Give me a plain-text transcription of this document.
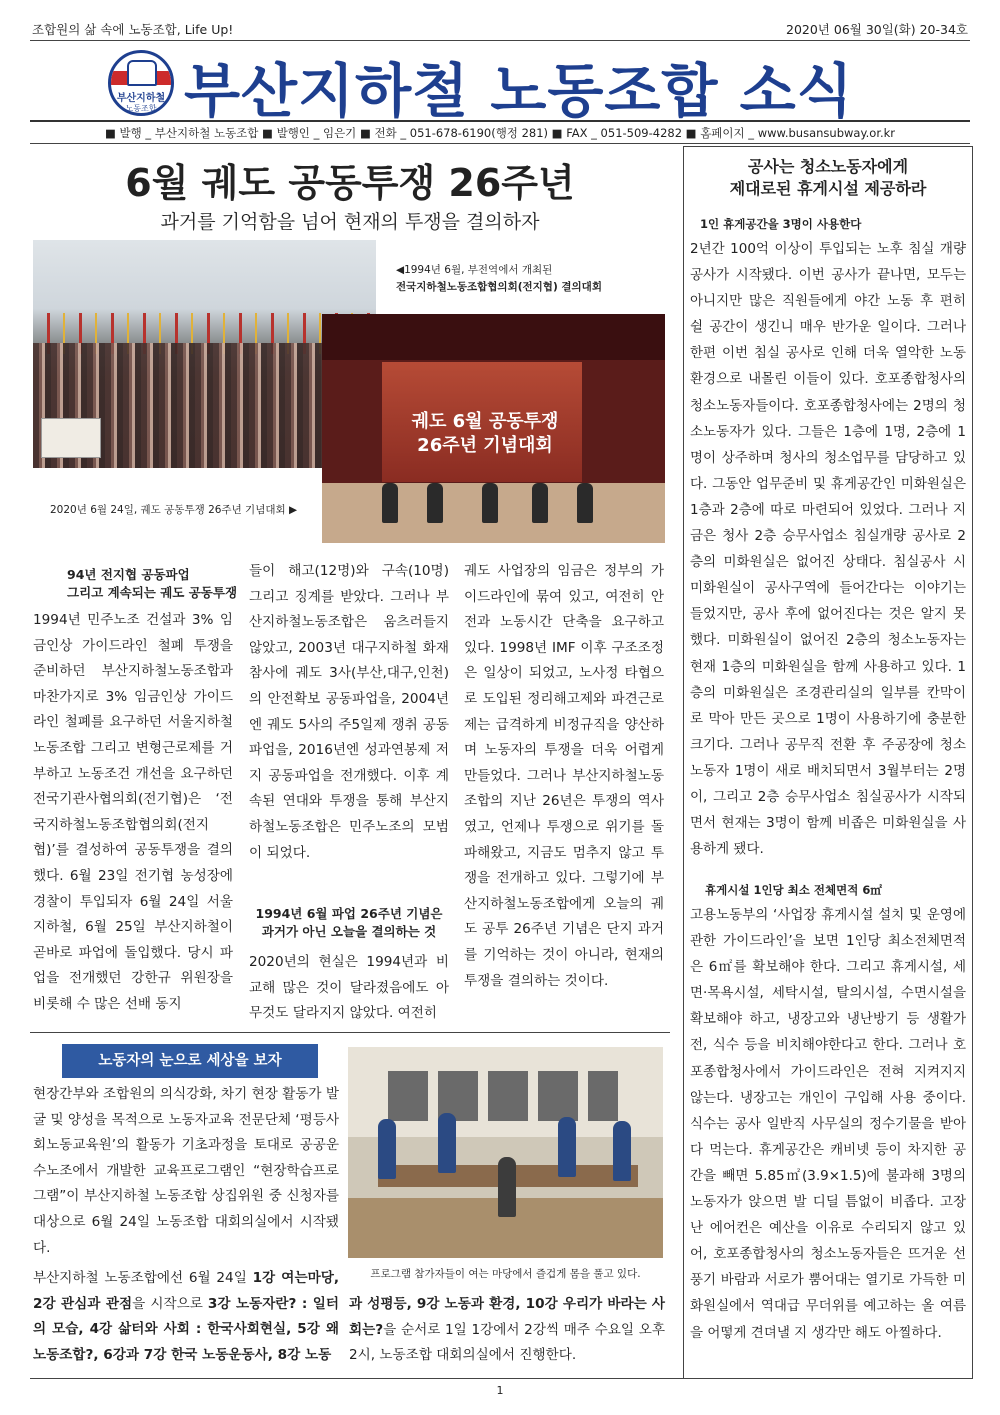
조합원의 삶 속에 노동조합, Life Up!	2020년 06월 30일(화) 20-34호
부산지하철
노동조합 부산지하철 노동조합 소식
■ 발행 _ 부산지하철 노동조합 ■ 발행인 _ 임은기 ■ 전화 _ 051-678-6190(행정 281) ■ FAX _ 051-509-4282 ■ 홈페이지 _ www.busansubway.or.kr
6월 궤도 공동투쟁 26주년
과거를 기억함을 넘어 현재의 투쟁을 결의하자
◀1994년 6월, 부전역에서 개최된
전국지하철노동조합협의회(전지협) 결의대회
궤도 6월 공동투쟁
26주년 기념대회
2020년 6월 24일, 궤도 공동투쟁 26주년 기념대회 ▶
94년 전지협 공동파업
그리고 계속되는 궤도 공동투쟁

1994년 민주노조 건설과 3% 임금인상 가이드라인 철폐 투쟁을 준비하던 부산지하철노동조합과 마찬가지로 3% 임금인상 가이드라인 철폐를 요구하던 서울지하철노동조합 그리고 변형근로제를 거부하고 노동조건 개선을 요구하던 전국기관사협의회(전기협)은 ‘전국지하철노동조합협의회(전지협)’를 결성하여 공동투쟁을 결의했다. 6월 23일 전기협 농성장에 경찰이 투입되자 6월 24일 서울지하철, 6월 25일 부산지하철이 곧바로 파업에 돌입했다. 당시 파업을 전개했던 강한규 위원장을 비롯해 수 많은 선배 동지

들이 해고(12명)와 구속(10명) 그리고 징계를 받았다. 그러나 부산지하철노동조합은 움츠러들지 않았고, 2003년 대구지하철 화재 참사에 궤도 3사(부산,대구,인천)의 안전확보 공동파업을, 2004년엔 궤도 5사의 주5일제 쟁취 공동파업을, 2016년엔 성과연봉제 저지 공동파업을 전개했다. 이후 계속된 연대와 투쟁을 통해 부산지하철노동조합은 민주노조의 모범이 되었다.

1994년 6월 파업 26주년 기념은
과거가 아닌 오늘을 결의하는 것

2020년의 현실은 1994년과 비교해 많은 것이 달라졌음에도 아무것도 달라지지 않았다. 여전히

궤도 사업장의 임금은 정부의 가이드라인에 묶여 있고, 여전히 안전과 노동시간 단축을 요구하고 있다. 1998년 IMF 이후 구조조정은 일상이 되었고, 노사정 타협으로 도입된 정리해고제와 파견근로제는 급격하게 비정규직을 양산하며 노동자의 투쟁을 더욱 어렵게 만들었다. 그러나 부산지하철노동조합의 지난 26년은 투쟁의 역사였고, 언제나 투쟁으로 위기를 돌파해왔고, 지금도 멈추지 않고 투쟁을 전개하고 있다. 그렇기에 부산지하철노동조합에게 오늘의 궤도 공투 26주년 기념은 단지 과거를 기억하는 것이 아니라, 현재의 투쟁을 결의하는 것이다.

공사는 청소노동자에게
제대로된 휴게시설 제공하라
1인 휴게공간을 3명이 사용한다

2년간 100억 이상이 투입되는 노후 침실 개량공사가 시작됐다. 이번 공사가 끝나면, 모두는 아니지만 많은 직원들에게 야간 노동 후 편히 쉴 공간이 생긴니 매우 반가운 일이다. 그러나 한편 이번 침실 공사로 인해 더욱 열악한 노동환경으로 내몰린 이들이 있다. 호포종합청사의 청소노동자들이다. 호포종합청사에는 2명의 청소노동자가 있다. 그들은 1층에 1명, 2층에 1명이 상주하며 청사의 청소업무를 담당하고 있다. 그동안 업무준비 및 휴게공간인 미화원실은 1층과 2층에 따로 마련되어 있었다. 그러나 지금은 청사 2층 승무사업소 침실개량 공사로 2층의 미화원실은 없어진 상태다. 침실공사 시 미화원실이 공사구역에 들어간다는 이야기는 들었지만, 공사 후에 없어진다는 것은 알지 못했다. 미화원실이 없어진 2층의 청소노동자는 현재 1층의 미화원실을 함께 사용하고 있다. 1층의 미화원실은 조경관리실의 일부를 칸막이로 막아 만든 곳으로 1명이 사용하기에 충분한 크기다. 그러나 공무직 전환 후 주공장에 청소노동자 1명이 새로 배치되면서 3월부터는 2명이, 그리고 2층 승무사업소 침실공사가 시작되면서 현재는 3명이 함께 비좁은 미화원실을 사용하게 됐다.

휴게시설 1인당 최소 전체면적 6㎡

고용노동부의 ‘사업장 휴게시설 설치 및 운영에 관한 가이드라인’을 보면 1인당 최소전체면적은 6㎡를 확보해야 한다. 그리고 휴게시설, 세면·목욕시설, 세탁시설, 탈의시설, 수면시설을 확보해야 하고, 냉장고와 냉난방기 등 생활가전, 식수 등을 비치해야한다고 한다. 그러나 호포종합청사에서 가이드라인은 전혀 지켜지지 않는다. 냉장고는 개인이 구입해 사용 중이다. 식수는 공사 일반직 사무실의 정수기물을 받아다 먹는다. 휴게공간은 캐비넷 등이 차지한 공간을 빼면 5.85㎡(3.9×1.5)에 불과해 3명의 노동자가 앉으면 발 디딜 틈없이 비좁다. 고장난 에어컨은 예산을 이유로 수리되지 않고 있어, 호포종합청사의 청소노동자들은 뜨거운 선풍기 바람과 서로가 뿜어대는 열기로 가득한 미화원실에서 역대급 무더위를 예고하는 올 여름을 어떻게 견뎌낼 지 생각만 해도 아찔하다.

노동자의 눈으로 세상을 보자

현장간부와 조합원의 의식강화, 차기 현장 활동가 발굴 및 양성을 목적으로 노동자교육 전문단체 ‘평등사회노동교육원’의 활동가 기초과정을 토대로 공공운수노조에서 개발한 교육프로그램인 “현장학습프로그램”이 부산지하철 노동조합 상집위원 중 신청자를 대상으로 6월 24일 노동조합 대회의실에서 시작됐다.

부산지하철 노동조합에선 6월 24일 1강 여는마당, 2강 관심과 관점을 시작으로 3강 노동자란? : 일터의 모습, 4강 삶터와 사회 : 한국사회현실, 5강 왜 노동조합?, 6강과 7강 한국 노동운동사, 8강 노동

프로그램 참가자들이 여는 마당에서 즐겁게 몸을 풀고 있다.

과 성평등, 9강 노동과 환경, 10강 우리가 바라는 사회는?을 순서로 1일 1강에서 2강씩 매주 수요일 오후 2시, 노동조합 대회의실에서 진행한다.

1
